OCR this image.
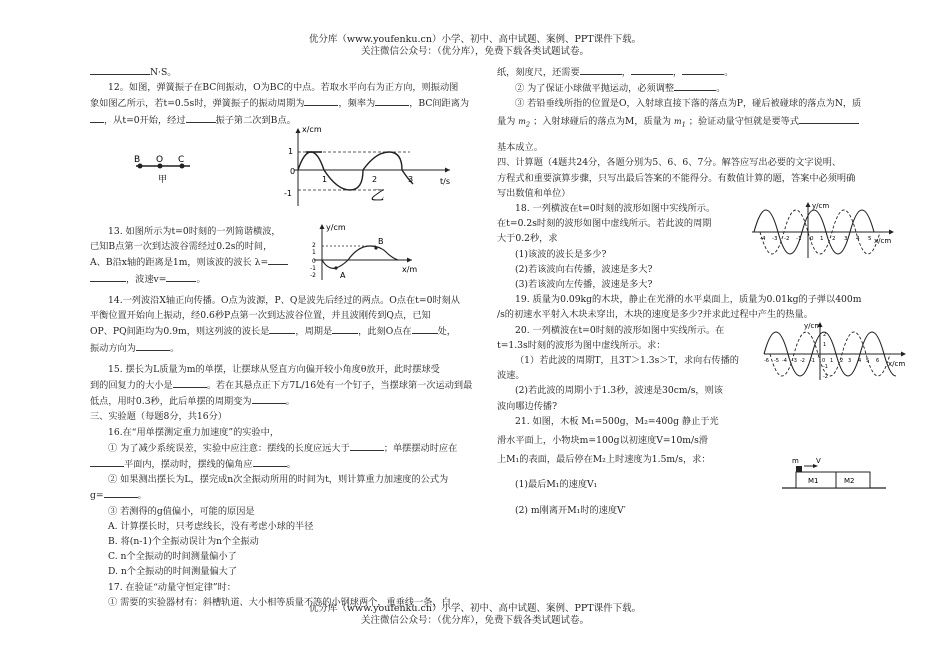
优分库（www.youfenku.cn）小学、初中、高中试题、案例、PPT课件下载。
关注微信公众号：（优分库），免费下载各类试题试卷。

N·S。

12。如图，弹簧振子在BC间振动，O为BC的中点。若取水平向右为正方向，则振动图

象如图乙所示，若t=0.5s时，弹簧振子的振动周期为	，频率为	，BC间距离为

，从t=0开始，经过	振子第二次到B点。

B O C
甲
x/cm
t/s
1
0
-1
1	2	3
乙

13. 如图所示为t=0时刻的一列简谐横波，

已知B点第一次到达波谷需经过0.2s的时间，

A、B沿x轴的距离是1m，则该波的波长 λ=

，波速v=	。

y/cm
x/m
2
1
0
-1
-2	A
B

14.一列波沿X轴正向传播。O点为波源，P、Q是波先后经过的两点。O点在t=0时刻从

平衡位置开始向上振动，经0.6秒P点第一次到达波谷位置，并且波刚传到Q点，已知

OP、PQ间距均为0.9m，则这列波的波长是	，周期是	，此刻O点在	处，

振动方向为	。

15. 摆长为L质量为m的单摆，让摆球从竖直方向偏开较小角度θ放开，此时摆球受

到的回复力的大小是	。若在其悬点正下方7L/16处有一个钉子，当摆球第一次运动到最

低点，用时0.3秒，此后单摆的周期变为	。

三、实验题（每题8分，共16分）

16.在“用单摆测定重力加速度”的实验中，

① 为了减少系统误差，实验中应注意：摆线的长度应远大于	；单摆摆动时应在

平面内，摆动时，摆线的偏角应	。

② 如果测出摆长为L，摆完成n次全振动所用的时间为t，则计算重力加速度的公式为

g=	。

③ 若测得的g值偏小，可能的原因是

A. 计算摆长时，只考虑线长，没有考虑小球的半径

B. 将(n-1)个全振动误计为n个全振动

C. n个全振动的时间测量偏小了

D. n个全振动的时间测量偏大了

17. 在验证“动量守恒定律”时：

① 需要的实验器材有：斜槽轨道、大小相等质量不等的小钢球两个，重垂线一条，白

纸，刻度尺，还需要	，	，	。

② 为了保证小球做平抛运动，必须调整	。

③ 若铅垂线所指的位置是O，入射球直接下落的落点为P，碰后被碰球的落点为N，质

量为 $m_2$ ；入射球碰后的落点为M，质量为 $m_1$ ；验证动量守恒就是要等式

基本成立。

四、计算题（4题共24分，各题分别为5、6、6、7分。解答应写出必要的文字说明、

方程式和重要演算步骤，只写出最后答案的不能得分。有数值计算的题，答案中必须明确

写出数值和单位）

18. 一列横波在t=0时刻的波形如图中实线所示。

在t=0.2s时刻的波形如图中虚线所示。若此波的周期

大于0.2秒，求

(1)该波的波长是多少?

(2)若该波向右传播，波速是多大?

(3)若该波向左传播，波速是多大?

19. 质量为0.09kg的木块，静止在光滑的水平桌面上，质量为0.01kg的子弹以400m

/s的初速水平射入木块未穿出，木块的速度是多少?并求此过程中产生的热量。

20. 一列横波在t=0时刻的波形如图中实线所示。在

t=1.3s时刻的波形为图中虚线所示。求：

（1）若此波的周期T，且3T＞1.3s＞T，求向右传播的

波速。

(2)若此波的周期小于1.3秒，波速是30cm/s，则该

波向哪边传播?

21. 如图，木板 M₁=500g，M₂=400g 静止于光

滑水平面上，小物块m=100g以初速度V=10m/s滑

上M₁的表面，最后停在M₂上时速度为1.5m/s，求：

(1)最后M₁的速度V₁

(2) m刚离开M₁时的速度V′

y/cm
x/cm
-4 -3 -2 -1 0 1 2 3 4 5
y/cm
x/cm
-6 -5 -4 -3 -2 -1 0 1 2 3 4 5 6
2
1
-1
-2
m V
M1	M2
优分库（www.youfenku.cn）小学、初中、高中试题、案例、PPT课件下载。
关注微信公众号：（优分库），免费下载各类试题试卷。
